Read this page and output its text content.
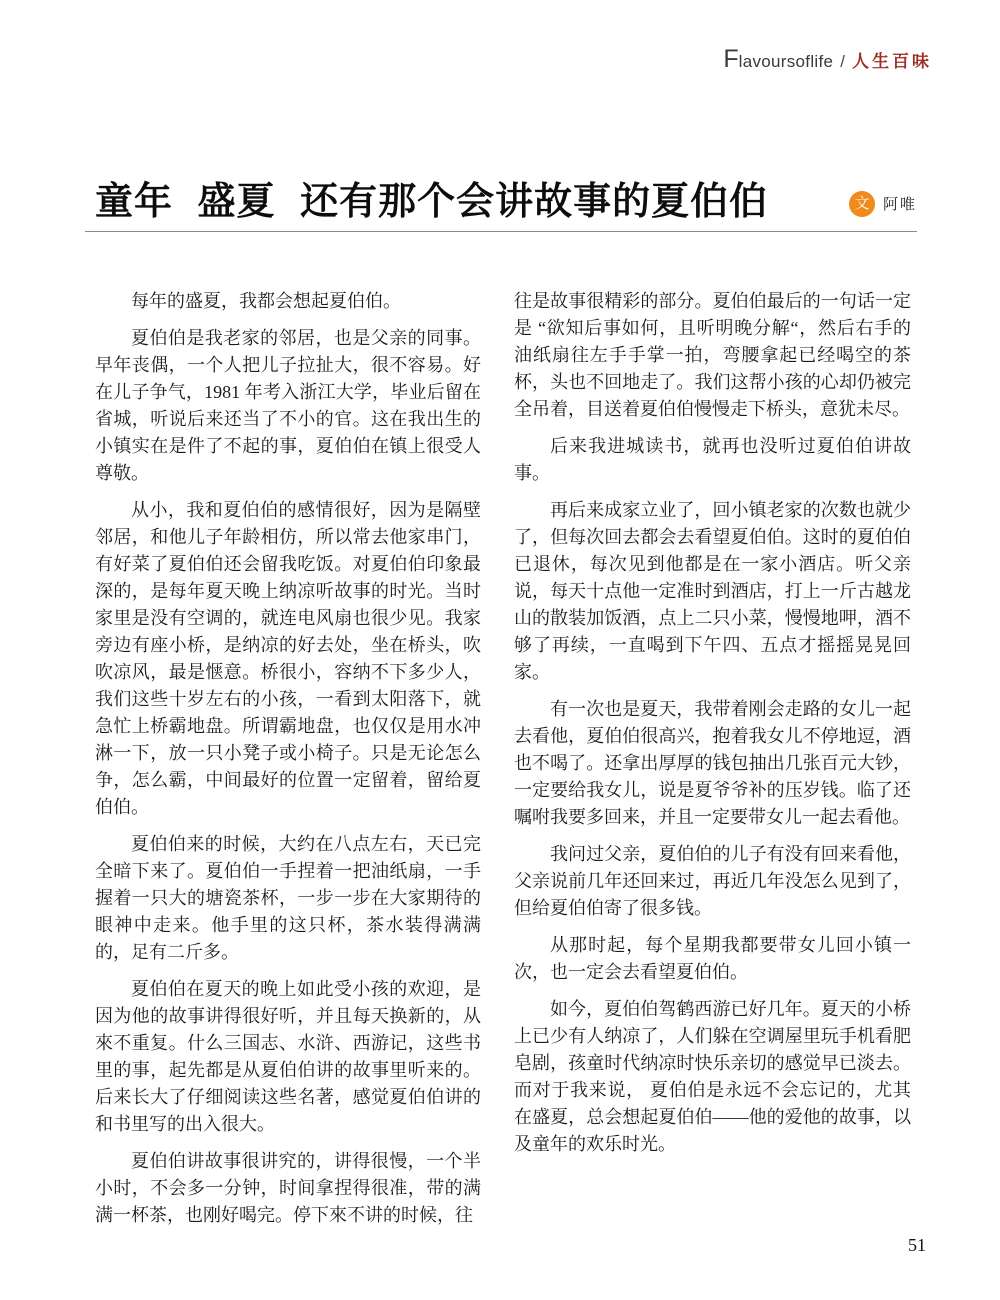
F lavoursoflife / 人生百味
童年 盛夏 还有那个会讲故事的夏伯伯	文 阿唯

每年的盛夏，我都会想起夏伯伯。

夏伯伯是我老家的邻居，也是父亲的同事。早年丧偶，一个人把儿子拉扯大，很不容易。好在儿子争气，1981 年考入浙江大学，毕业后留在省城，听说后来还当了不小的官。这在我出生的小镇实在是件了不起的事，夏伯伯在镇上很受人尊敬。

从小，我和夏伯伯的感情很好，因为是隔壁邻居，和他儿子年龄相仿，所以常去他家串门，有好菜了夏伯伯还会留我吃饭。对夏伯伯印象最深的，是每年夏天晚上纳凉听故事的时光。当时家里是没有空调的，就连电风扇也很少见。我家旁边有座小桥，是纳凉的好去处，坐在桥头，吹吹凉风，最是惬意。桥很小，容纳不下多少人，我们这些十岁左右的小孩，一看到太阳落下，就急忙上桥霸地盘。所谓霸地盘，也仅仅是用水冲淋一下，放一只小凳子或小椅子。只是无论怎么争，怎么霸，中间最好的位置一定留着，留给夏伯伯。

夏伯伯来的时候，大约在八点左右，天已完全暗下来了。夏伯伯一手捏着一把油纸扇，一手握着一只大的塘瓷茶杯，一步一步在大家期待的眼神中走来。他手里的这只杯，茶水装得满满的，足有二斤多。

夏伯伯在夏天的晚上如此受小孩的欢迎，是因为他的故事讲得很好听，并且每天换新的，从來不重复。什么三国志、水浒、西游记，这些书里的事，起先都是从夏伯伯讲的故事里听来的。后来长大了仔细阅读这些名著，感觉夏伯伯讲的和书里写的出入很大。

夏伯伯讲故事很讲究的，讲得很慢，一个半小时，不会多一分钟，时间拿捏得很准，带的满满一杯茶，也刚好喝完。停下來不讲的时候，往

往是故事很精彩的部分。夏伯伯最后的一句话一定是 “欲知后事如何，且听明晚分解“，然后右手的油纸扇往左手手掌一拍，弯腰拿起已经喝空的茶杯，头也不回地走了。我们这帮小孩的心却仍被完全吊着，目送着夏伯伯慢慢走下桥头，意犹未尽。

后来我进城读书，就再也没听过夏伯伯讲故事。

再后来成家立业了，回小镇老家的次数也就少了，但每次回去都会去看望夏伯伯。这时的夏伯伯已退休，每次见到他都是在一家小酒店。听父亲说，每天十点他一定准时到酒店，打上一斤古越龙山的散装加饭酒，点上二只小菜，慢慢地呷，酒不够了再续，一直喝到下午四、五点才摇摇晃晃回家。

有一次也是夏天，我带着刚会走路的女儿一起去看他，夏伯伯很高兴，抱着我女儿不停地逗，酒也不喝了。还拿出厚厚的钱包抽出几张百元大钞，一定要给我女儿，说是夏爷爷补的压岁钱。临了还嘱咐我要多回来，并且一定要带女儿一起去看他。

我问过父亲，夏伯伯的儿子有没有回来看他，父亲说前几年还回来过，再近几年没怎么见到了，但给夏伯伯寄了很多钱。

从那时起，每个星期我都要带女儿回小镇一次，也一定会去看望夏伯伯。

如今，夏伯伯驾鹤西游已好几年。夏天的小桥上已少有人纳凉了，人们躲在空调屋里玩手机看肥皂剧，孩童时代纳凉时快乐亲切的感觉早已淡去。而对于我来说， 夏伯伯是永远不会忘记的，尤其在盛夏，总会想起夏伯伯——他的爱他的故事，以及童年的欢乐时光。

51
